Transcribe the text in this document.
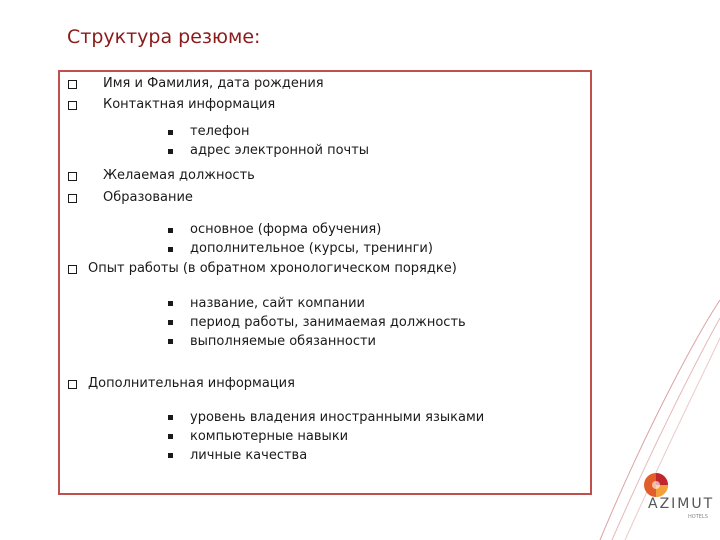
Структура резюме:
Имя и Фамилия, дата рождения
Контактная информация
телефон
адрес электронной почты
Желаемая должность
Образование
основное (форма обучения)
дополнительное (курсы, тренинги)
Опыт работы (в обратном хронологическом порядке)
название, сайт компании
период работы, занимаемая должность
выполняемые обязанности
Дополнительная информация
уровень владения иностранными языками
компьютерные навыки
личные качества
AZIMUT
HOTELS
